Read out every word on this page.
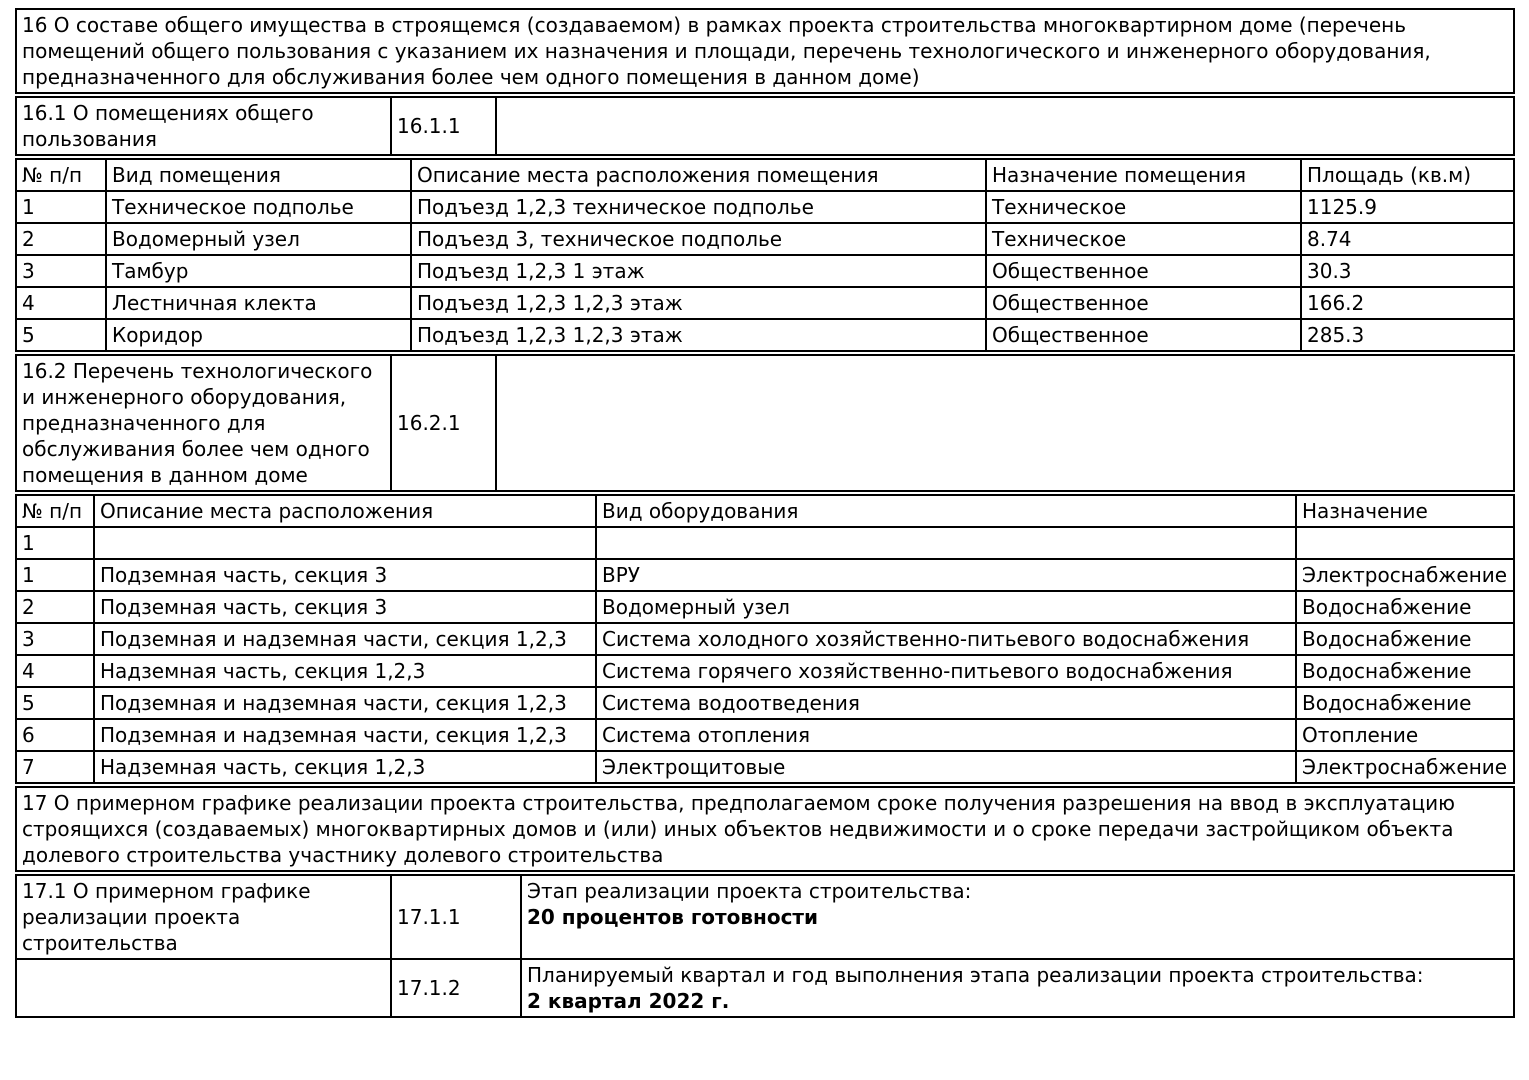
16 О составе общего имущества в строящемся (создаваемом) в рамках проекта строительства многоквартирном доме (перечень помещений общего пользования с указанием их назначения и площади, перечень технологического и инженерного оборудования, предназначенного для обслуживания более чем одного помещения в данном доме)
16.1 О помещениях общего пользования	16.1.1	
№ п/п	Вид помещения	Описание места расположения помещения	Назначение помещения	Площадь (кв.м)
1	Техническое подполье	Подъезд 1,2,3 техническое подполье	Техническое	1125.9
2	Водомерный узел	Подъезд 3, техническое подполье	Техническое	8.74
3	Тамбур	Подъезд 1,2,3 1 этаж	Общественное	30.3
4	Лестничная клекта	Подъезд 1,2,3 1,2,3 этаж	Общественное	166.2
5	Коридор	Подъезд 1,2,3 1,2,3 этаж	Общественное	285.3
16.2 Перечень технологического и инженерного оборудования, предназначенного для обслуживания более чем одного помещения в данном доме	16.2.1	
№ п/п	Описание места расположения	Вид оборудования	Назначение
1			
1	Подземная часть, секция 3	ВРУ	Электроснабжение
2	Подземная часть, секция 3	Водомерный узел	Водоснабжение
3	Подземная и надземная части, секция 1,2,3	Система холодного хозяйственно-питьевого водоснабжения	Водоснабжение
4	Надземная часть, секция 1,2,3	Система горячего хозяйственно-питьевого водоснабжения	Водоснабжение
5	Подземная и надземная части, секция 1,2,3	Система водоотведения	Водоснабжение
6	Подземная и надземная части, секция 1,2,3	Система отопления	Отопление
7	Надземная часть, секция 1,2,3	Электрощитовые	Электроснабжение
17 О примерном графике реализации проекта строительства, предполагаемом сроке получения разрешения на ввод в эксплуатацию строящихся (создаваемых) многоквартирных домов и (или) иных объектов недвижимости и о сроке передачи застройщиком объекта долевого строительства участнику долевого строительства
17.1 О примерном графике реализации проекта строительства	17.1.1	Этап реализации проекта строительства:
20 процентов готовности

	17.1.2	Планируемый квартал и год выполнения этапа реализации проекта строительства:
2 квартал 2022 г.
